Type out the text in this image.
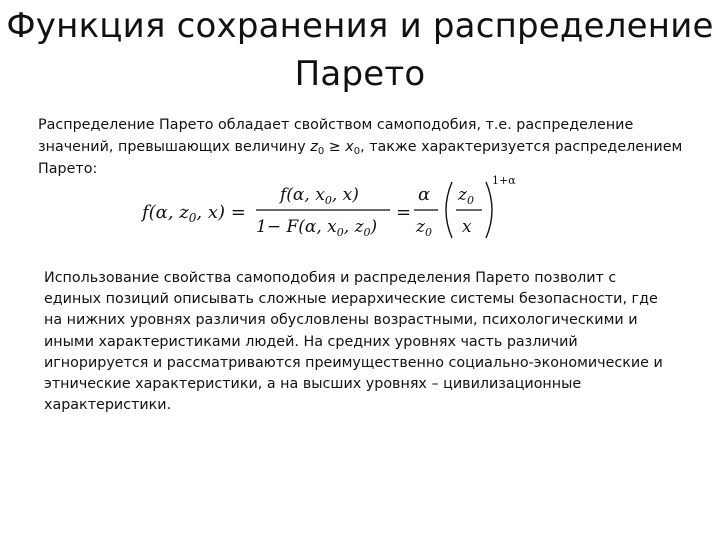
Функция сохранения и распределение Парето
Распределение Парето обладает свойством самоподобия, т.е. распределение значений, превышающих величину $z_0 \ge x_0$, также характеризуется распределением Парето:
f(α, $z_0$, x) =
f(α, $x_0$, x)
1− F(α, $x_0$, $z_0$)
=
α
$z_0$
$z_0$
x
1+α
Использование свойства самоподобия и распределения Парето позволит с единых позиций описывать сложные иерархические системы безопасности, где на нижних уровнях различия обусловлены возрастными, психологическими и иными характеристиками людей. На средних уровнях часть различий игнорируется и рассматриваются преимущественно социально-экономические и этнические характеристики, а на высших уровнях – цивилизационные характеристики.
